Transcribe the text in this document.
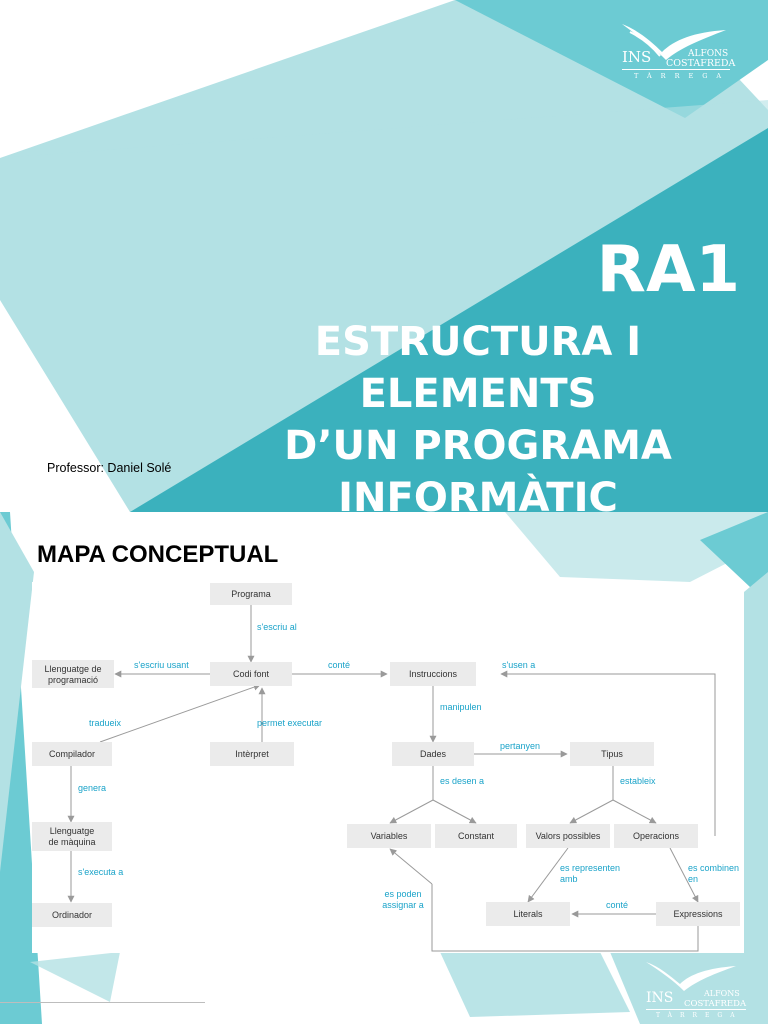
INS	ALFONS
COSTAFREDA
TÀRREGA
RA1
ESTRUCTURA I ELEMENTS
D’UN PROGRAMA
INFORMÀTIC
Professor: Daniel Solé
INS	ALFONS
COSTAFREDA
TÀRREGA
MAPA CONCEPTUAL
Programa
Codi font
Llenguatge de
programació
Instruccions
Compilador	Intèrpret	Dades	Tipus
Llenguatge
de màquina
Variables	Constant	Valors possibles	Operacions
Ordinador	Literals	Expressions
s'escriu al
s'escriu usant	conté	s'usen a
tradueix	permet executar
manipulen
pertanyen
genera
es desen a	estableix
s'executa a	es representen
amb
es combinen
en
conté
es poden
assignar a
